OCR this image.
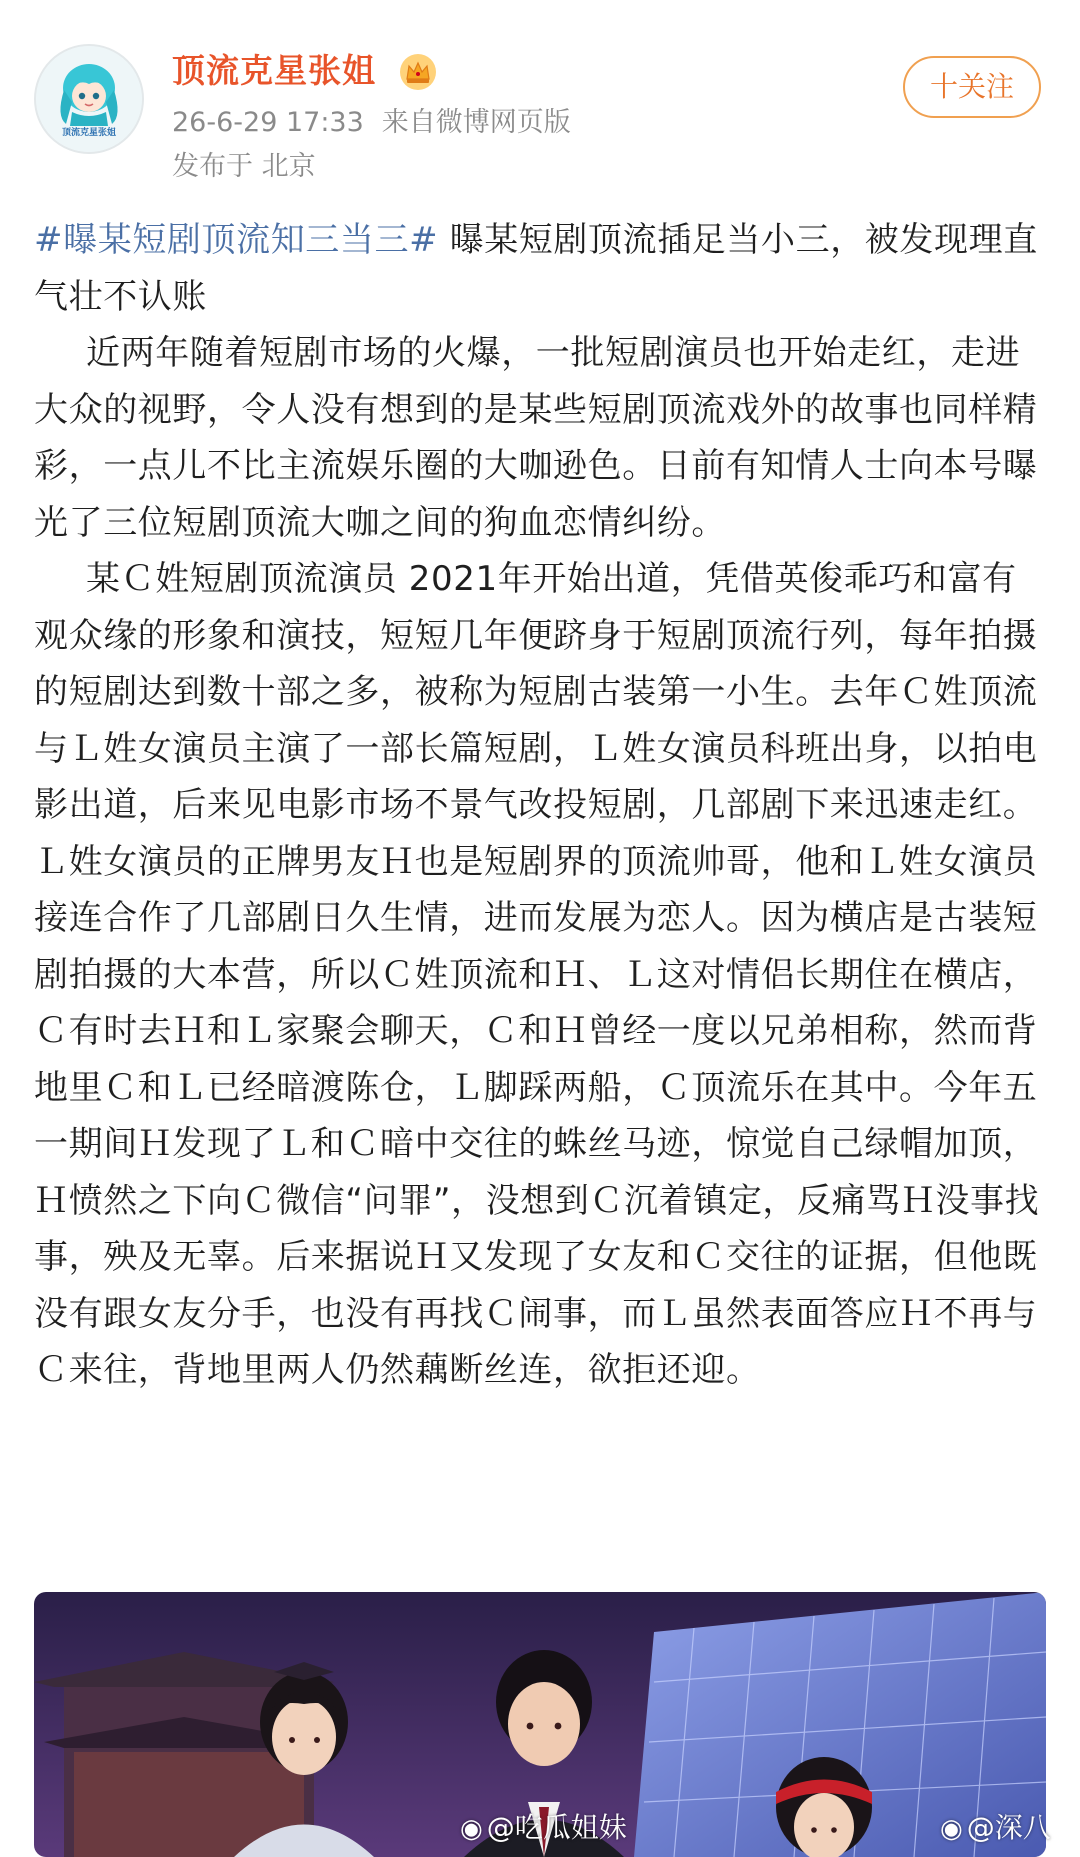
顶流克星张姐
顶流克星张姐
26-6-29 17:33 来自微博网页版
发布于 北京
十关注

#曝某短剧顶流知三当三# 曝某短剧顶流插足当小三，被发现理直气壮不认账

近两年随着短剧市场的火爆，一批短剧演员也开始走红，走进大众的视野，令人没有想到的是某些短剧顶流戏外的故事也同样精彩，一点儿不比主流娱乐圈的大咖逊色。日前有知情人士向本号曝光了三位短剧顶流大咖之间的狗血恋情纠纷。

某Ｃ姓短剧顶流演员 2021年开始出道，凭借英俊乖巧和富有观众缘的形象和演技，短短几年便跻身于短剧顶流行列，每年拍摄的短剧达到数十部之多，被称为短剧古装第一小生。去年Ｃ姓顶流与Ｌ姓女演员主演了一部长篇短剧，Ｌ姓女演员科班出身，以拍电影出道，后来见电影市场不景气改投短剧，几部剧下来迅速走红。Ｌ姓女演员的正牌男友Ｈ也是短剧界的顶流帅哥，他和Ｌ姓女演员接连合作了几部剧日久生情，进而发展为恋人。因为横店是古装短剧拍摄的大本营，所以Ｃ姓顶流和Ｈ、Ｌ这对情侣长期住在横店，Ｃ有时去Ｈ和Ｌ家聚会聊天，Ｃ和Ｈ曾经一度以兄弟相称，然而背地里Ｃ和Ｌ已经暗渡陈仓，Ｌ脚踩两船，Ｃ顶流乐在其中。今年五一期间Ｈ发现了Ｌ和Ｃ暗中交往的蛛丝马迹，惊觉自己绿帽加顶，Ｈ愤然之下向Ｃ微信“问罪”，没想到Ｃ沉着镇定，反痛骂Ｈ没事找事，殃及无辜。后来据说Ｈ又发现了女友和Ｃ交往的证据，但他既没有跟女友分手，也没有再找Ｃ闹事，而Ｌ虽然表面答应Ｈ不再与Ｃ来往，背地里两人仍然藕断丝连，欲拒还迎。

◉ @吃瓜姐妹	◉ @深八
